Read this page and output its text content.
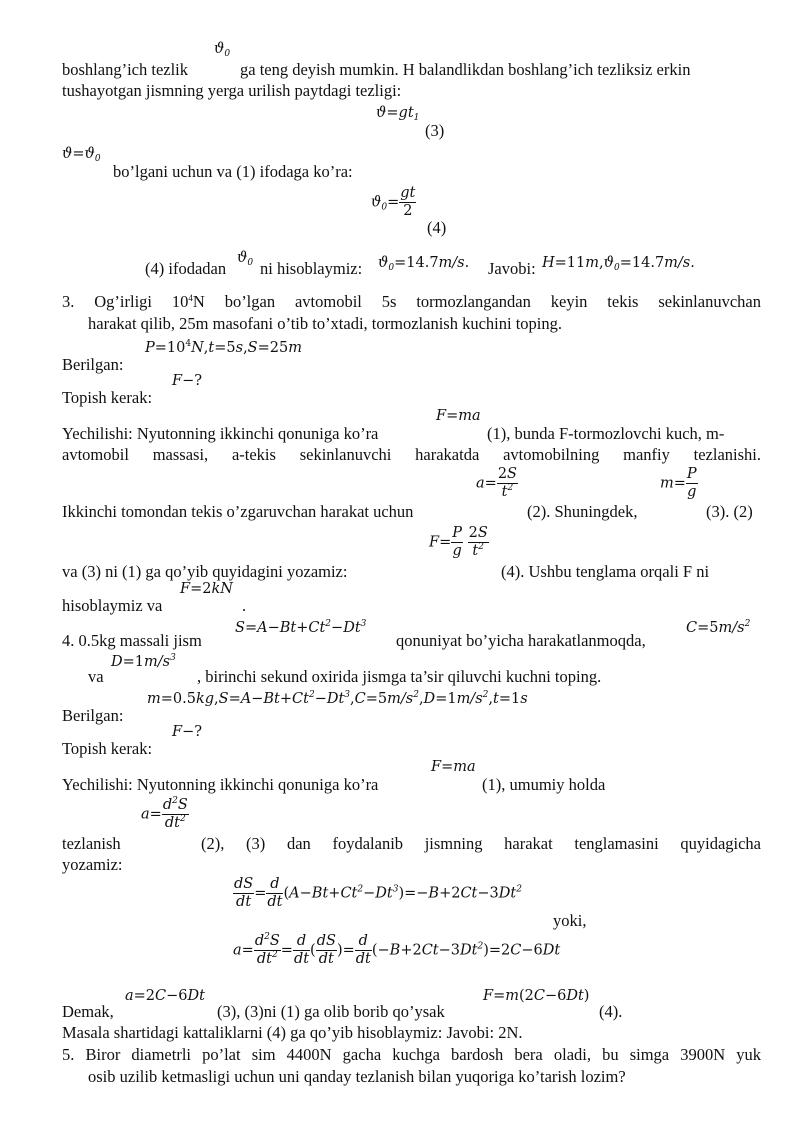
boshlang’ich tezlik
$ϑ_0$
ga teng deyish mumkin. H balandlikdan boshlang’ich tezliksiz erkin
tushayotgan jismning yerga urilish paytdagi tezligi:
$ϑ=gt_1$
(3)
$ϑ=ϑ_0$
bo’lgani uchun va (1) ifodaga ko’ra:
$ϑ_0= \frac{gt}{2}$
(4)
(4) ifodadan
$ϑ_0$ ni hisoblaymiz: $ϑ_0=14.7m/s$. Javobi: $H=11m,ϑ_0=14.7m/s$.
3. Og’irligi $10^4N$ bo’lgan avtomobil 5s tormozlangandan keyin tekis sekinlanuvchan
harakat qilib, 25m masofani o’tib to’xtadi, tormozlanish kuchini toping.
$P=10^4N,t=5s,S=25m$
Berilgan:
F−?
Topish kerak:
F=ma
Yechilishi: Nyutonning ikkinchi qonuniga ko’ra	(1), bunda F-tormozlovchi kuch, m-
avtomobil massasi, a-tekis sekinlanuvchi harakatda avtomobilning manfiy tezlanishi.
$a= \frac{2S}{t^2}$	$m= \frac{P}{g}$
Ikkinchi tomondan tekis o’zgaruvchan harakat uchun	(2). Shuningdek,	(3). (2)
$F= \frac{P}{g}$
$\frac{2S}{t^2}$
va (3) ni (1) ga qo’yib quyidagini yozamiz:	(4). Ushbu tenglama orqali F ni
F=2kN
hisoblaymiz va	.
$S=A-Bt+Ct^2-Dt^3$	$C=5m/s^2$
4. 0.5kg massali jism	qonuniyat bo’yicha harakatlanmoqda,
$D=1m/s^3$
va	, birinchi sekund oxirida jismga ta’sir qiluvchi kuchni toping.
$m=0.5kg,S=A-Bt+Ct^2-Dt^3,C=5m/s^2,D=1m/s^2,t=1s$
Berilgan:
F−?
Topish kerak:
F=ma
Yechilishi: Nyutonning ikkinchi qonuniga ko’ra	(1), umumiy holda
$a= \frac{d^2S}{dt^2}$
tezlanish	(2), (3) dan foydalanib jismning harakat tenglamasini quyidagicha
yozamiz:
$\frac{dS}{dt} = \frac{d}{dt} (A-Bt+Ct^2-Dt^3)=-B+2Ct-3Dt^2$
yoki,
$a= \frac{d^2S}{dt^2} = \frac{d}{dt}$ ( $\frac{dS}{dt}$ )= $\frac{d}{dt} (-B+2Ct-3Dt^2)=2C-6Dt$
a=2C−6Dt	F=m(2C−6Dt)
Demak,	(3), (3)ni (1) ga olib borib qo’ysak	(4).
Masala shartidagi kattaliklarni (4) ga qo’yib hisoblaymiz: Javobi: 2N.
5. Biror diametrli po’lat sim 4400N gacha kuchga bardosh bera oladi, bu simga 3900N yuk
osib uzilib ketmasligi uchun uni qanday tezlanish bilan yuqoriga ko’tarish lozim?
